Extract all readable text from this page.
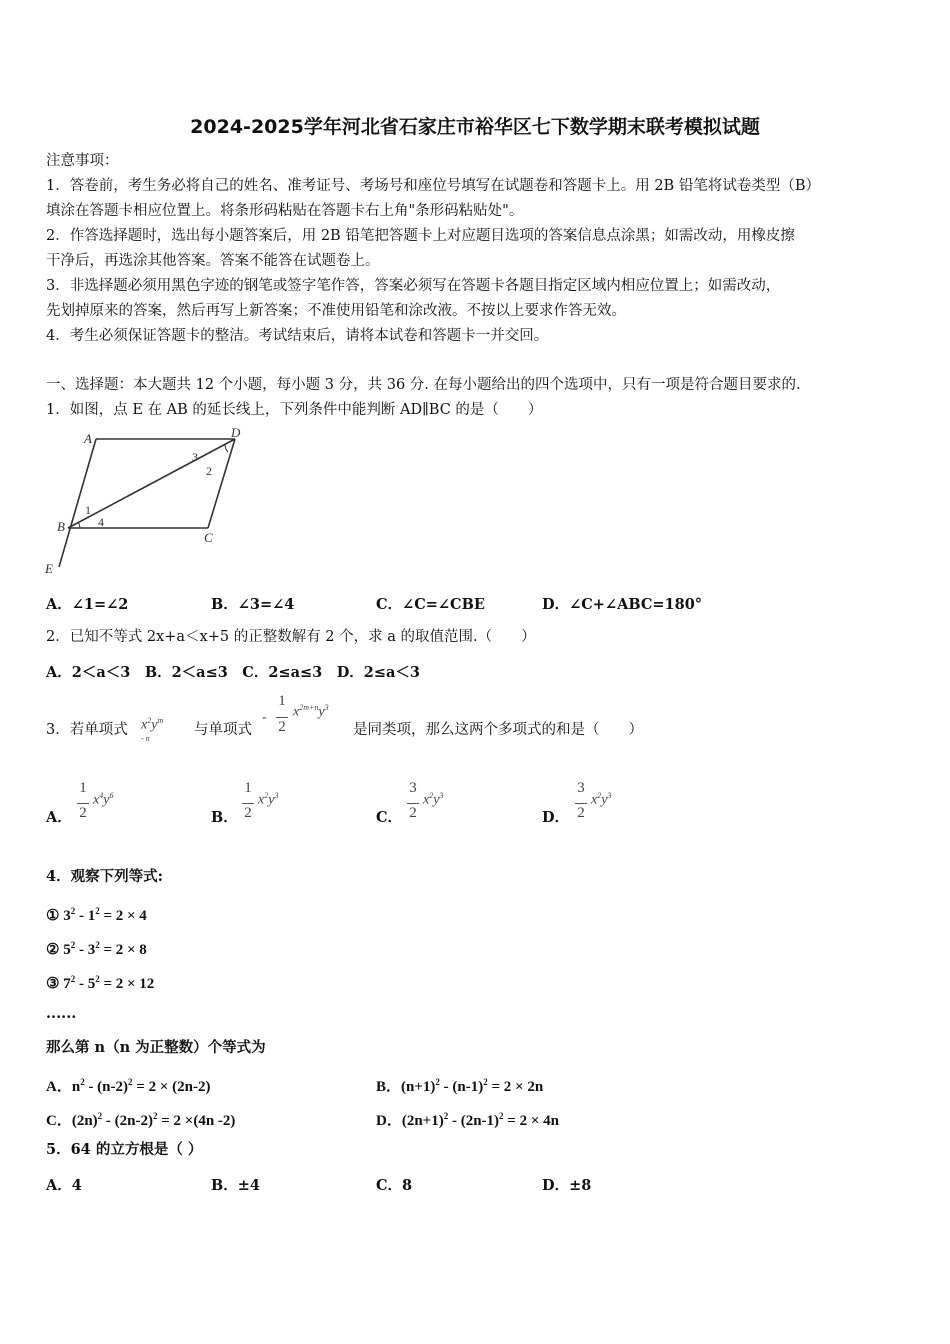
2024-2025学年河北省石家庄市裕华区七下数学期末联考模拟试题
注意事项：
1．答卷前，考生务必将自己的姓名、准考证号、考场号和座位号填写在试题卷和答题卡上。用 2B 铅笔将试卷类型（B）
填涂在答题卡相应位置上。将条形码粘贴在答题卡右上角"条形码粘贴处"。
2．作答选择题时，选出每小题答案后，用 2B 铅笔把答题卡上对应题目选项的答案信息点涂黑；如需改动，用橡皮擦
干净后，再选涂其他答案。答案不能答在试题卷上。
3．非选择题必须用黑色字迹的钢笔或签字笔作答，答案必须写在答题卡各题目指定区域内相应位置上；如需改动，
先划掉原来的答案，然后再写上新答案；不准使用铅笔和涂改液。不按以上要求作答无效。
4．考生必须保证答题卡的整洁。考试结束后，请将本试卷和答题卡一并交回。
一、选择题：本大题共 12 个小题，每小题 3 分，共 36 分. 在每小题给出的四个选项中，只有一项是符合题目要求的.
1．如图，点 E 在 AB 的延长线上，下列条件中能判断 AD∥BC 的是（　　）
A	D
B
C
E
1
2
3
4
A．∠1=∠2	B．∠3=∠4	C．∠C=∠CBE	D．∠C+∠ABC=180°
2．已知不等式 2x+a＜x+5 的正整数解有 2 个，求 a 的取值范围.（　　）
A．2＜a＜3　B．2＜a≤3　C．2≤a≤3　D．2≤a＜3
3．若单项式 $x^2y^{m - n}$
与单项式
-
1
2
$x^{2m+n}y^3$
是同类项，那么这两个多项式的和是（　　）
A．
1
2
$x^4y^6$
B．
1
2
$x^2y^3$
C．
3
2
$x^2y^3$
D．
3
2
$x^2y^3$
4．观察下列等式:
① $3^2 - 1^2 = 2 \times 4$
② $5^2 - 3^2 = 2 \times 8$
③ $7^2 - 5^2 = 2 \times 12$
......
那么第 n（n 为正整数）个等式为
A．$n^2 - (n-2)^2 = 2 \times (2n-2)$	B．$(n+1)^2 - (n-1)^2 = 2 \times 2n$
C．$(2n)^2 - (2n-2)^2 = 2 \times(4n$ -2)	D．$(2n+1)^2 - (2n-1)^2 = 2 \times 4n$
5．64 的立方根是（ ）
A．4	B．±4	C．8	D．±8
